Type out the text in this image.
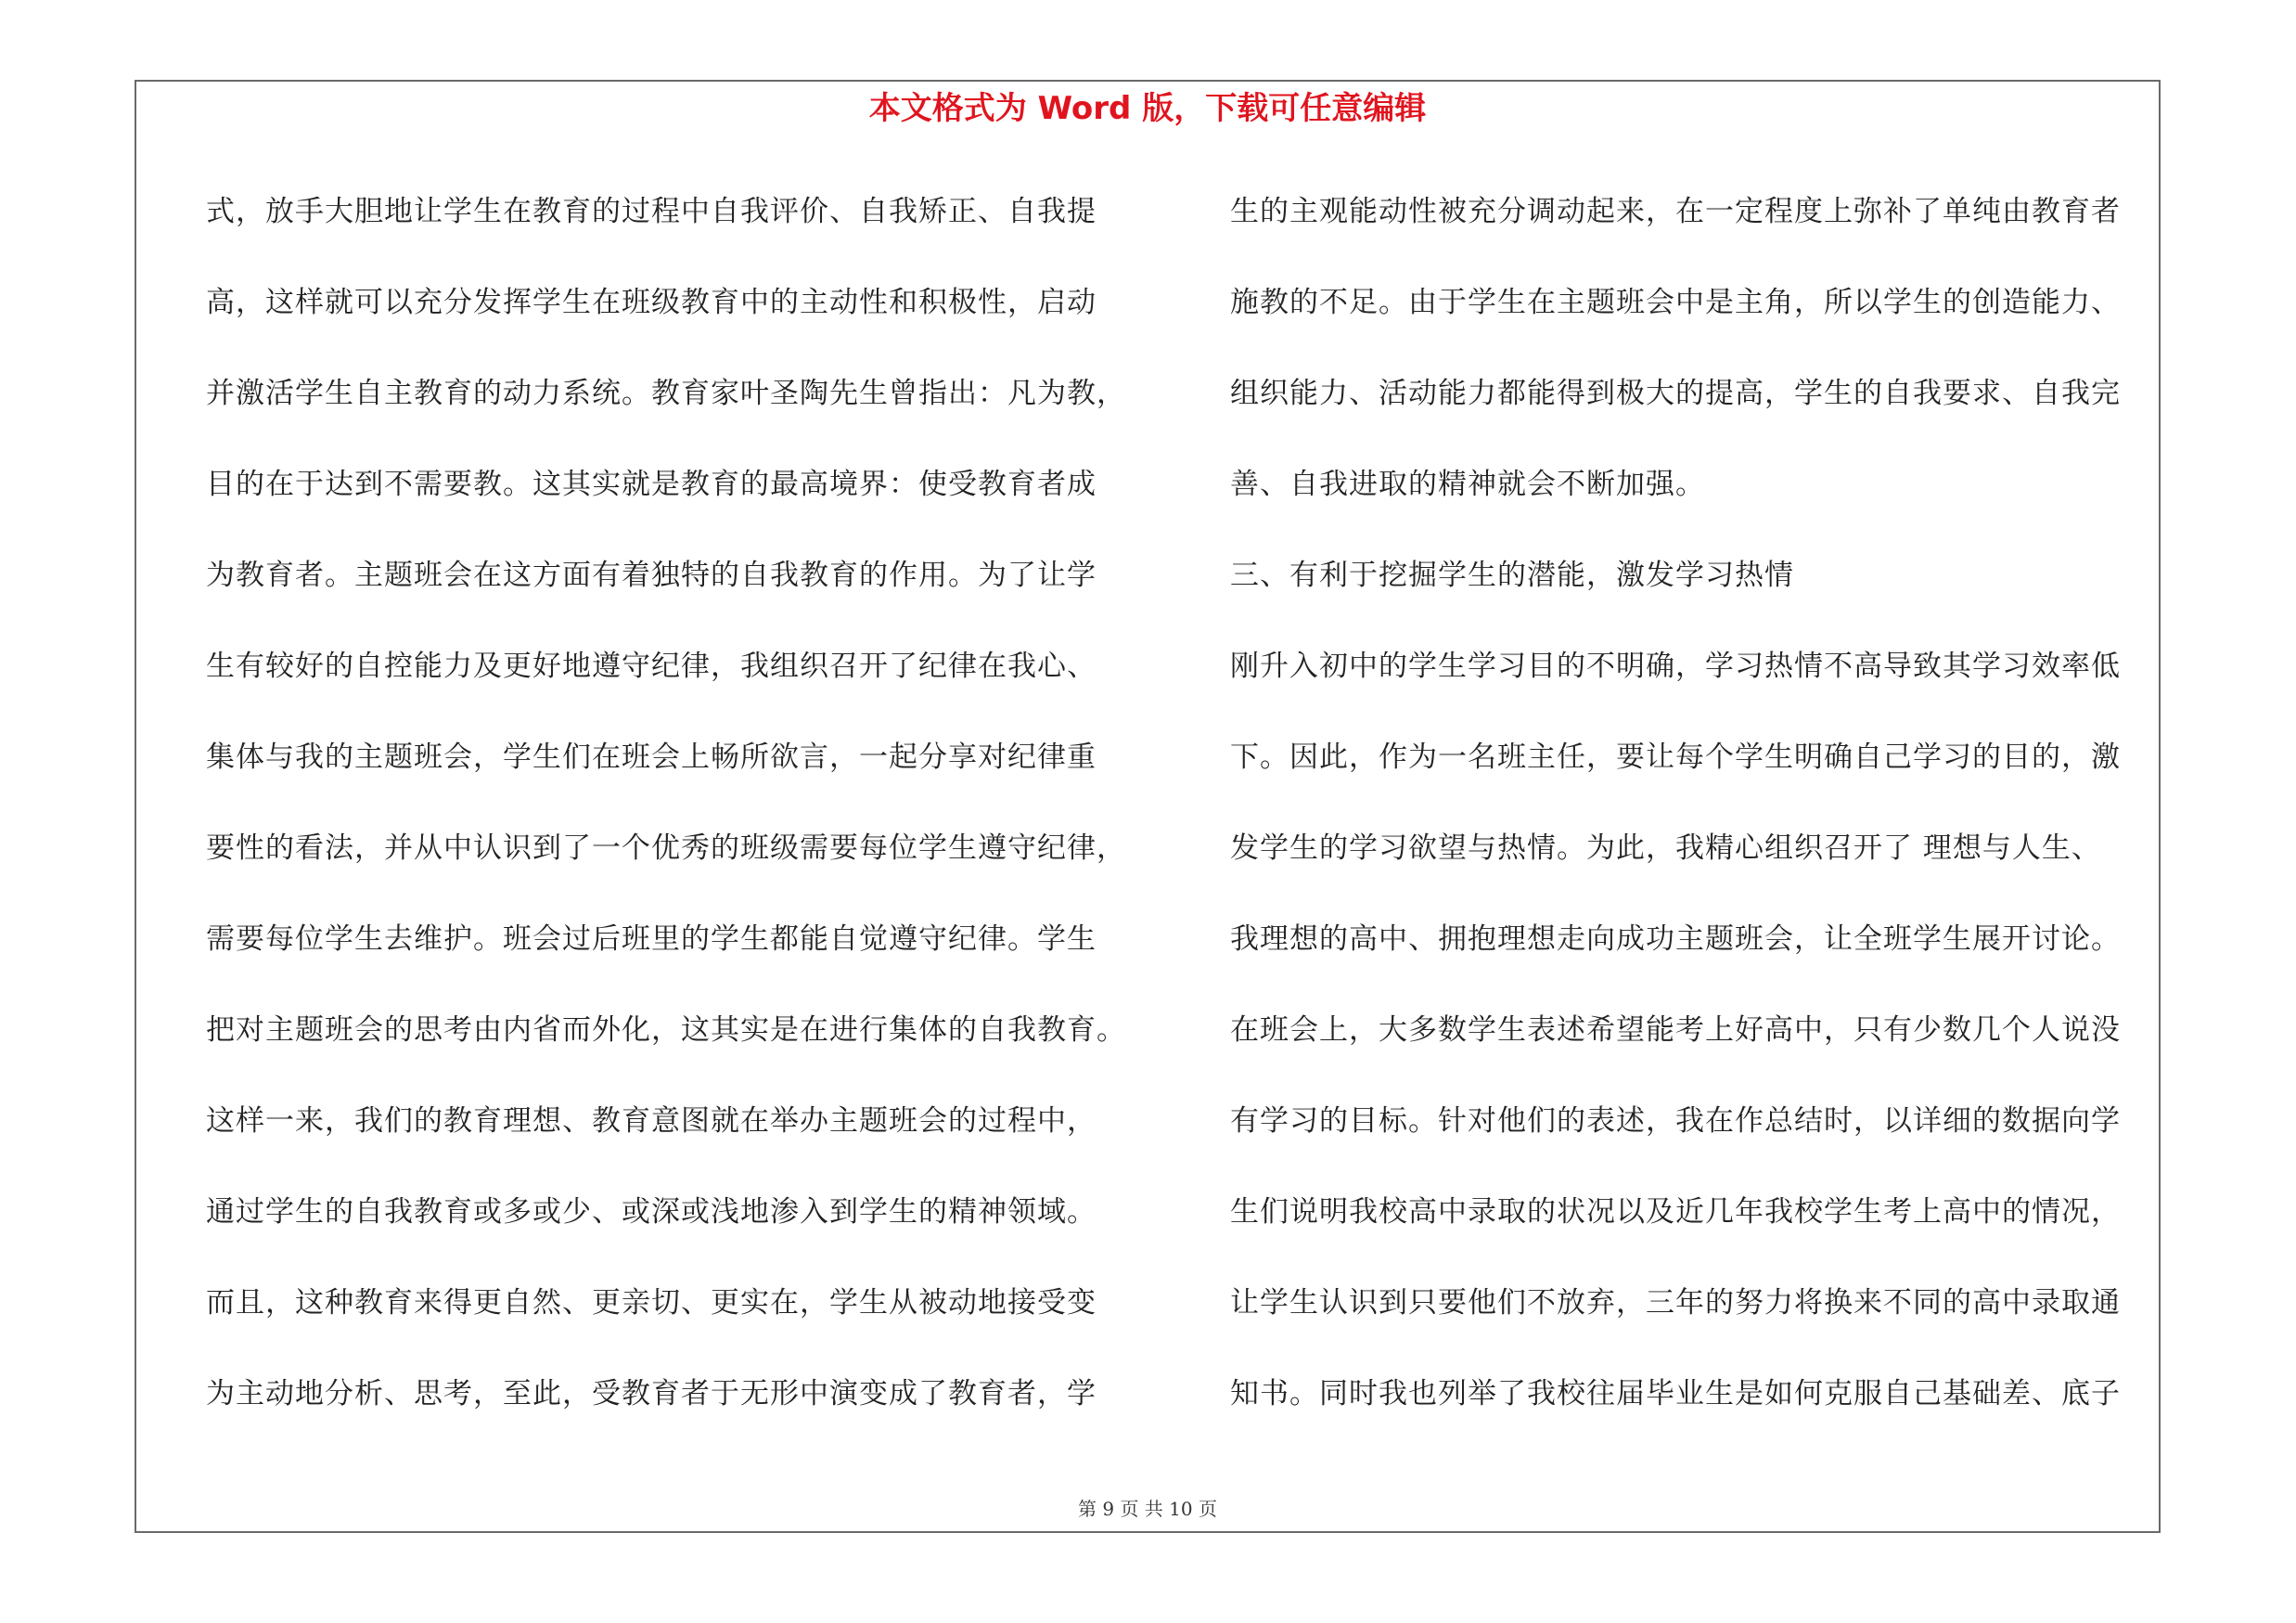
本文格式为 Word 版，下载可任意编辑
式，放手大胆地让学生在教育的过程中自我评价、自我矫正、自我提
高，这样就可以充分发挥学生在班级教育中的主动性和积极性，启动
并激活学生自主教育的动力系统。教育家叶圣陶先生曾指出：凡为教，
目的在于达到不需要教。这其实就是教育的最高境界：使受教育者成
为教育者。主题班会在这方面有着独特的自我教育的作用。为了让学
生有较好的自控能力及更好地遵守纪律，我组织召开了纪律在我心、
集体与我的主题班会，学生们在班会上畅所欲言，一起分享对纪律重
要性的看法，并从中认识到了一个优秀的班级需要每位学生遵守纪律，
需要每位学生去维护。班会过后班里的学生都能自觉遵守纪律。学生
把对主题班会的思考由内省而外化，这其实是在进行集体的自我教育。
这样一来，我们的教育理想、教育意图就在举办主题班会的过程中，
通过学生的自我教育或多或少、或深或浅地渗入到学生的精神领域。
而且，这种教育来得更自然、更亲切、更实在，学生从被动地接受变
为主动地分析、思考，至此，受教育者于无形中演变成了教育者，学
生的主观能动性被充分调动起来，在一定程度上弥补了单纯由教育者
施教的不足。由于学生在主题班会中是主角，所以学生的创造能力、
组织能力、活动能力都能得到极大的提高，学生的自我要求、自我完
善、自我进取的精神就会不断加强。
三、有利于挖掘学生的潜能，激发学习热情
刚升入初中的学生学习目的不明确，学习热情不高导致其学习效率低
下。因此，作为一名班主任，要让每个学生明确自己学习的目的，激
发学生的学习欲望与热情。为此，我精心组织召开了 理想与人生、
我理想的高中、拥抱理想走向成功主题班会，让全班学生展开讨论。
在班会上，大多数学生表述希望能考上好高中，只有少数几个人说没
有学习的目标。针对他们的表述，我在作总结时，以详细的数据向学
生们说明我校高中录取的状况以及近几年我校学生考上高中的情况，
让学生认识到只要他们不放弃，三年的努力将换来不同的高中录取通
知书。同时我也列举了我校往届毕业生是如何克服自己基础差、底子
第 9 页 共 10 页
